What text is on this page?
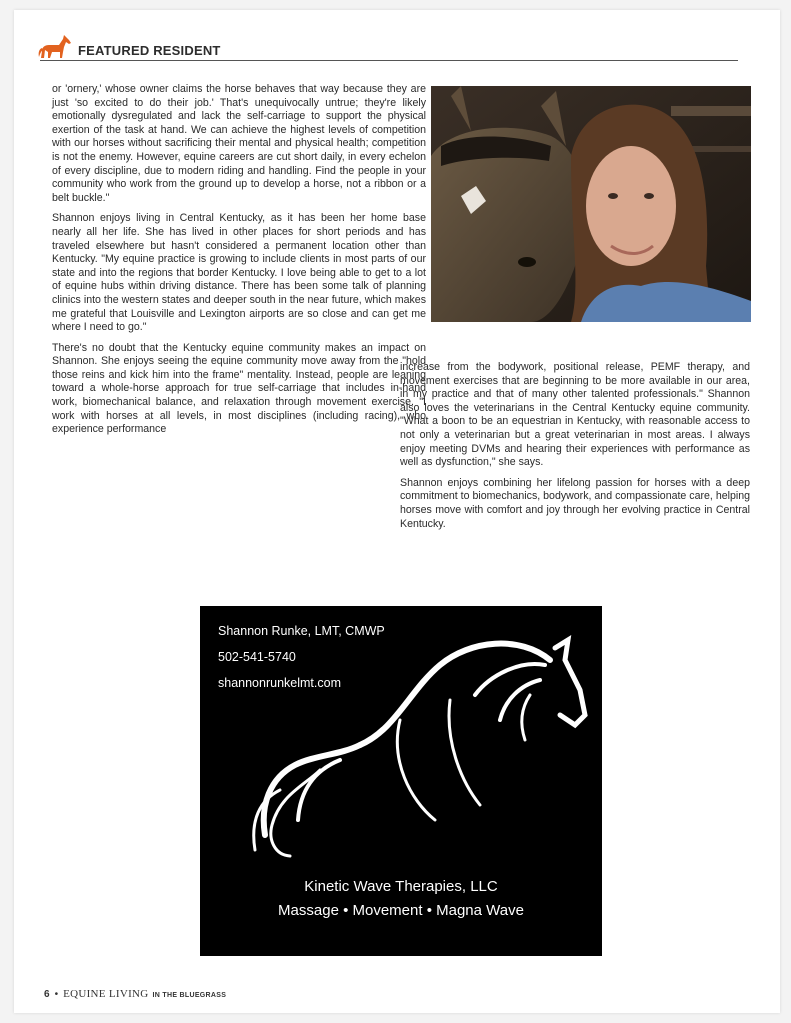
FEATURED RESIDENT

or 'ornery,' whose owner claims the horse behaves that way because they are just 'so excited to do their job.' That's unequivocally untrue; they're likely emotionally dysregulated and lack the self-carriage to support the physical exertion of the task at hand. We can achieve the highest levels of competition with our horses without sacrificing their mental and physical health; competition is not the enemy. However, equine careers are cut short daily, in every echelon of every discipline, due to modern riding and handling. Find the people in your community who work from the ground up to develop a horse, not a ribbon or a belt buckle."

Shannon enjoys living in Central Kentucky, as it has been her home base nearly all her life. She has lived in other places for short periods and has traveled elsewhere but hasn't considered a permanent location other than Kentucky. "My equine practice is growing to include clients in most parts of our state and into the regions that border Kentucky. I love being able to get to a lot of equine hubs within driving distance. There has been some talk of planning clinics into the western states and deeper south in the near future, which makes me grateful that Louisville and Lexington airports are so close and can get me where I need to go."

There's no doubt that the Kentucky equine community makes an impact on Shannon. She enjoys seeing the equine community move away from the "hold those reins and kick him into the frame" mentality. Instead, people are leaning toward a whole-horse approach for true self-carriage that includes in-hand work, biomechanical balance, and relaxation through movement exercise. "I work with horses at all levels, in most disciplines (including racing), who experience performance

increase from the bodywork, positional release, PEMF therapy, and movement exercises that are beginning to be more available in our area, in my practice and that of many other talented professionals." Shannon also loves the veterinarians in the Central Kentucky equine community. "What a boon to be an equestrian in Kentucky, with reasonable access to not only a veterinarian but a great veterinarian in most areas. I always enjoy meeting DVMs and hearing their experiences with performance as well as dysfunction," she says.

Shannon enjoys combining her lifelong passion for horses with a deep commitment to biomechanics, bodywork, and compassionate care, helping horses move with comfort and joy through her evolving practice in Central Kentucky.

Shannon Runke, LMT, CMWP
502-541-5740
shannonrunkelmt.com
Kinetic Wave Therapies, LLC
Massage • Movement • Magna Wave
6 • EQUINE LIVING IN THE BLUEGRASS
